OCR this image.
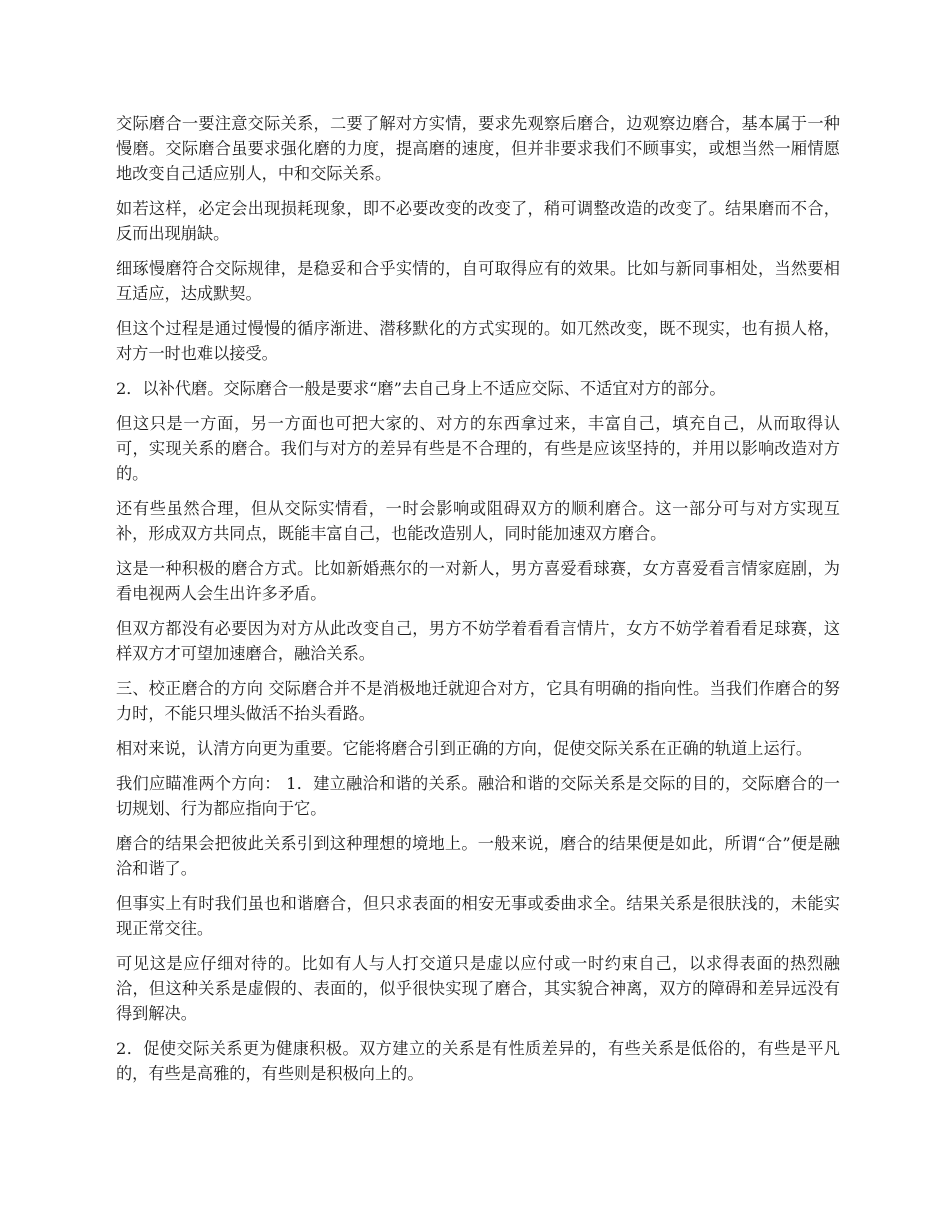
交际磨合一要注意交际关系，二要了解对方实情，要求先观察后磨合，边观察边磨合，基本属于一种慢磨。交际磨合虽要求强化磨的力度，提高磨的速度，但并非要求我们不顾事实，或想当然一厢情愿地改变自己适应别人，中和交际关系。

如若这样，必定会出现损耗现象，即不必要改变的改变了，稍可调整改造的改变了。结果磨而不合，反而出现崩缺。

细琢慢磨符合交际规律，是稳妥和合乎实情的，自可取得应有的效果。比如与新同事相处，当然要相互适应，达成默契。

但这个过程是通过慢慢的循序渐进、潜移默化的方式实现的。如兀然改变，既不现实，也有损人格，对方一时也难以接受。

2．以补代磨。交际磨合一般是要求“磨”去自己身上不适应交际、不适宜对方的部分。

但这只是一方面，另一方面也可把大家的、对方的东西拿过来，丰富自己，填充自己，从而取得认可，实现关系的磨合。我们与对方的差异有些是不合理的，有些是应该坚持的，并用以影响改造对方的。

还有些虽然合理，但从交际实情看，一时会影响或阻碍双方的顺利磨合。这一部分可与对方实现互补，形成双方共同点，既能丰富自己，也能改造别人，同时能加速双方磨合。

这是一种积极的磨合方式。比如新婚燕尔的一对新人，男方喜爱看球赛，女方喜爱看言情家庭剧，为看电视两人会生出许多矛盾。

但双方都没有必要因为对方从此改变自己，男方不妨学着看看言情片，女方不妨学着看看足球赛，这样双方才可望加速磨合，融洽关系。

三、校正磨合的方向 交际磨合并不是消极地迁就迎合对方，它具有明确的指向性。当我们作磨合的努力时，不能只埋头做活不抬头看路。

相对来说，认清方向更为重要。它能将磨合引到正确的方向，促使交际关系在正确的轨道上运行。

我们应瞄准两个方向： 1．建立融洽和谐的关系。融洽和谐的交际关系是交际的目的，交际磨合的一切规划、行为都应指向于它。

磨合的结果会把彼此关系引到这种理想的境地上。一般来说，磨合的结果便是如此，所谓“合”便是融洽和谐了。

但事实上有时我们虽也和谐磨合，但只求表面的相安无事或委曲求全。结果关系是很肤浅的，未能实现正常交往。

可见这是应仔细对待的。比如有人与人打交道只是虚以应付或一时约束自己，以求得表面的热烈融洽，但这种关系是虚假的、表面的，似乎很快实现了磨合，其实貌合神离，双方的障碍和差异远没有得到解决。

2．促使交际关系更为健康积极。双方建立的关系是有性质差异的，有些关系是低俗的，有些是平凡的，有些是高雅的，有些则是积极向上的。
